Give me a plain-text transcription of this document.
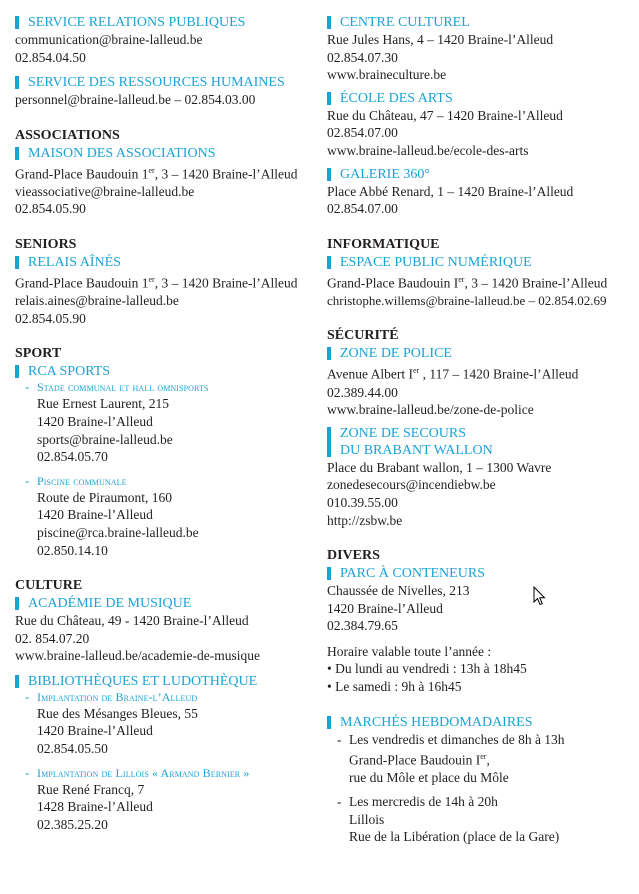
SERVICE RELATIONS PUBLIQUES

communication@braine-lalleud.be

02.854.04.50

SERVICE DES RESSOURCES HUMAINES

personnel@braine-lalleud.be – 02.854.03.00

ASSOCIATIONS

MAISON DES ASSOCIATIONS

Grand-Place Baudouin 1er, 3 – 1420 Braine-l’Alleud

vieassociative@braine-lalleud.be

02.854.05.90

SENIORS

RELAIS AÎNÉS

Grand-Place Baudouin 1er, 3 – 1420 Braine-l’Alleud

relais.aines@braine-lalleud.be

02.854.05.90

SPORT

RCA SPORTS

- Stade communal et hall omnisports

Rue Ernest Laurent, 215

1420 Braine-l’Alleud

sports@braine-lalleud.be

02.854.05.70

- Piscine communale

Route de Piraumont, 160

1420 Braine-l’Alleud

piscine@rca.braine-lalleud.be

02.850.14.10

CULTURE

ACADÉMIE DE MUSIQUE

Rue du Château, 49 - 1420 Braine-l’Alleud

02. 854.07.20

www.braine-lalleud.be/academie-de-musique

BIBLIOTHÈQUES ET LUDOTHÈQUE

- Implantation de Braine-l’Alleud

Rue des Mésanges Bleues, 55

1420 Braine-l’Alleud

02.854.05.50

- Implantation de Lillois « Armand Bernier »

Rue René Francq, 7

1428 Braine-l’Alleud

02.385.25.20

CENTRE CULTUREL

Rue Jules Hans, 4 – 1420 Braine-l’Alleud

02.854.07.30

www.braineculture.be

ÉCOLE DES ARTS

Rue du Château, 47 – 1420 Braine-l’Alleud

02.854.07.00

www.braine-lalleud.be/ecole-des-arts

GALERIE 360°

Place Abbé Renard, 1 – 1420 Braine-l’Alleud

02.854.07.00

INFORMATIQUE

ESPACE PUBLIC NUMÉRIQUE

Grand-Place Baudouin Ier, 3 – 1420 Braine-l’Alleud

christophe.willems@braine-lalleud.be – 02.854.02.69

SÉCURITÉ

ZONE DE POLICE

Avenue Albert Ier , 117 – 1420 Braine-l’Alleud

02.389.44.00

www.braine-lalleud.be/zone-de-police

ZONE DE SECOURS
DU BRABANT WALLON

Place du Brabant wallon, 1 – 1300 Wavre

zonedesecours@incendiebw.be

010.39.55.00

http://zsbw.be

DIVERS

PARC À CONTENEURS

Chaussée de Nivelles, 213

1420 Braine-l’Alleud

02.384.79.65

Horaire valable toute l’année :

• Du lundi au vendredi : 13h à 18h45

• Le samedi : 9h à 16h45

MARCHÉS HEBDOMADAIRES

- Les vendredis et dimanches de 8h à 13h
Grand-Place Baudouin Ier,
rue du Môle et place du Môle
- Les mercredis de 14h à 20h
Lillois
Rue de la Libération (place de la Gare)
